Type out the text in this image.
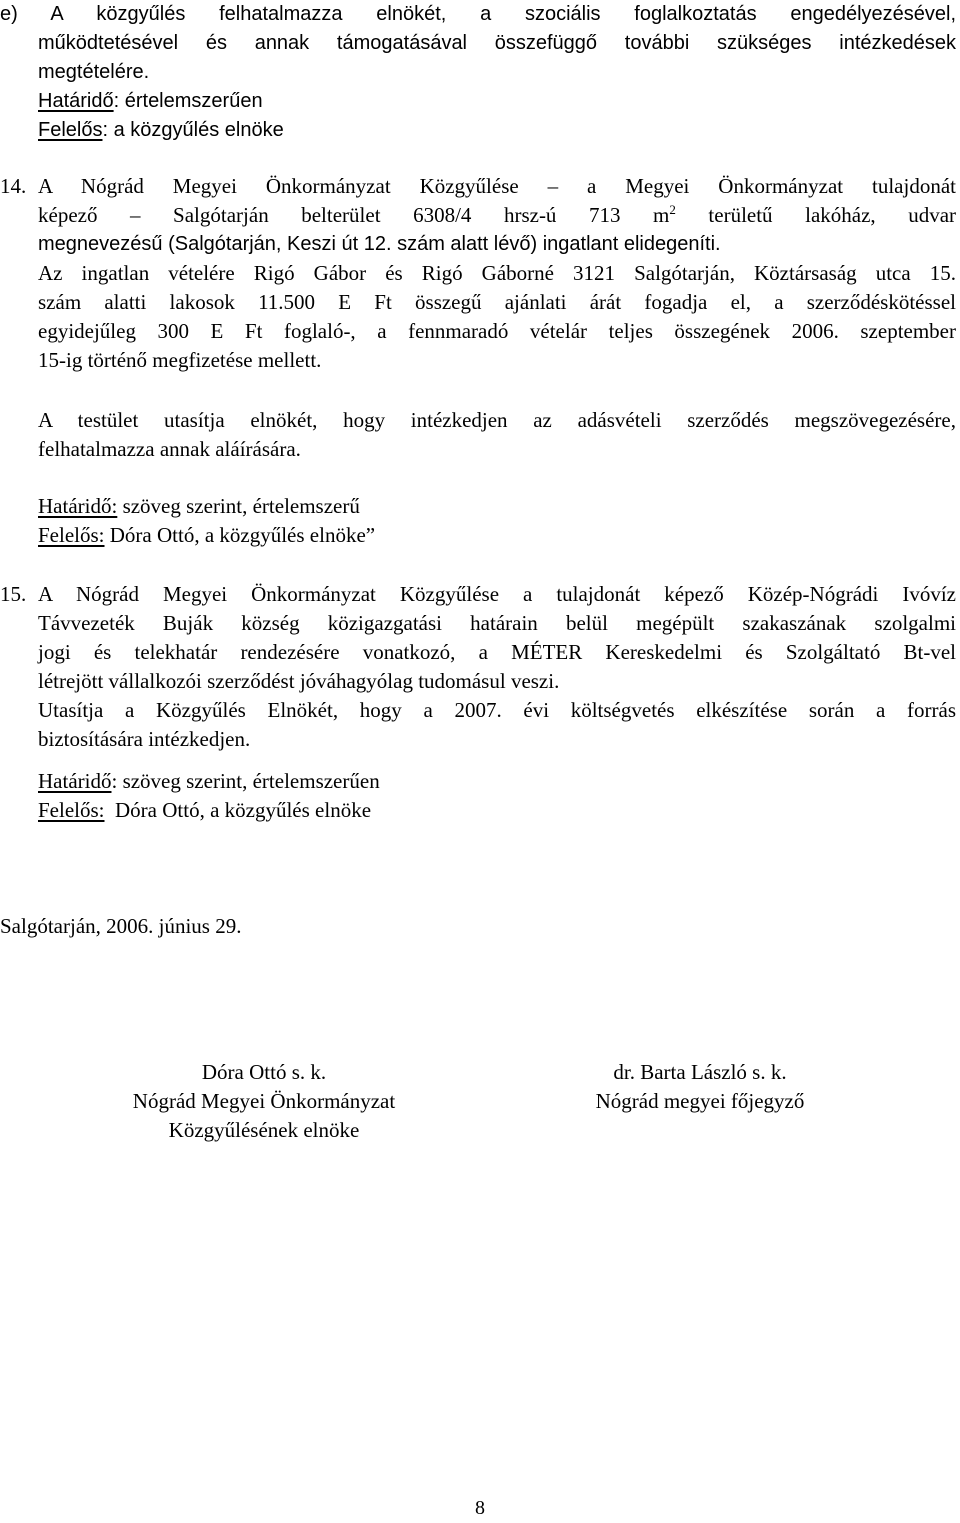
e) A közgyűlés felhatalmazza elnökét, a szociális foglalkoztatás engedélyezésével,
működtetésével és annak támogatásával összefüggő további szükséges intézkedések
megtételére.
Határidő: értelemszerűen
Felelős: a közgyűlés elnöke
14. A Nógrád Megyei Önkormányzat Közgyűlése – a Megyei Önkormányzat tulajdonát
képező – Salgótarján belterület 6308/4 hrsz-ú 713 $m^2$ területű lakóház, udvar
megnevezésű (Salgótarján, Keszi út 12. szám alatt lévő) ingatlant elidegeníti.
Az ingatlan vételére Rigó Gábor és Rigó Gáborné 3121 Salgótarján, Köztársaság utca 15.
szám alatti lakosok 11.500 E Ft összegű ajánlati árát fogadja el, a szerződéskötéssel
egyidejűleg 300 E Ft foglaló-, a fennmaradó vételár teljes összegének 2006. szeptember
15-ig történő megfizetése mellett.
A testület utasítja elnökét, hogy intézkedjen az adásvételi szerződés megszövegezésére,
felhatalmazza annak aláírására.
Határidő: szöveg szerint, értelemszerű
Felelős: Dóra Ottó, a közgyűlés elnöke”
15. A Nógrád Megyei Önkormányzat Közgyűlése a tulajdonát képező Közép-Nógrádi Ivóvíz
Távvezeték Buják község közigazgatási határain belül megépült szakaszának szolgalmi
jogi és telekhatár rendezésére vonatkozó, a MÉTER Kereskedelmi és Szolgáltató Bt-vel
létrejött vállalkozói szerződést jóváhagyólag tudomásul veszi.
Utasítja a Közgyűlés Elnökét, hogy a 2007. évi költségvetés elkészítése során a forrás
biztosítására intézkedjen.
Határidő: szöveg szerint, értelemszerűen
Felelős:  Dóra Ottó, a közgyűlés elnöke
Salgótarján, 2006. június 29.
Dóra Ottó s. k.
Nógrád Megyei Önkormányzat
Közgyűlésének elnöke
dr. Barta László s. k.
Nógrád megyei főjegyző
8
